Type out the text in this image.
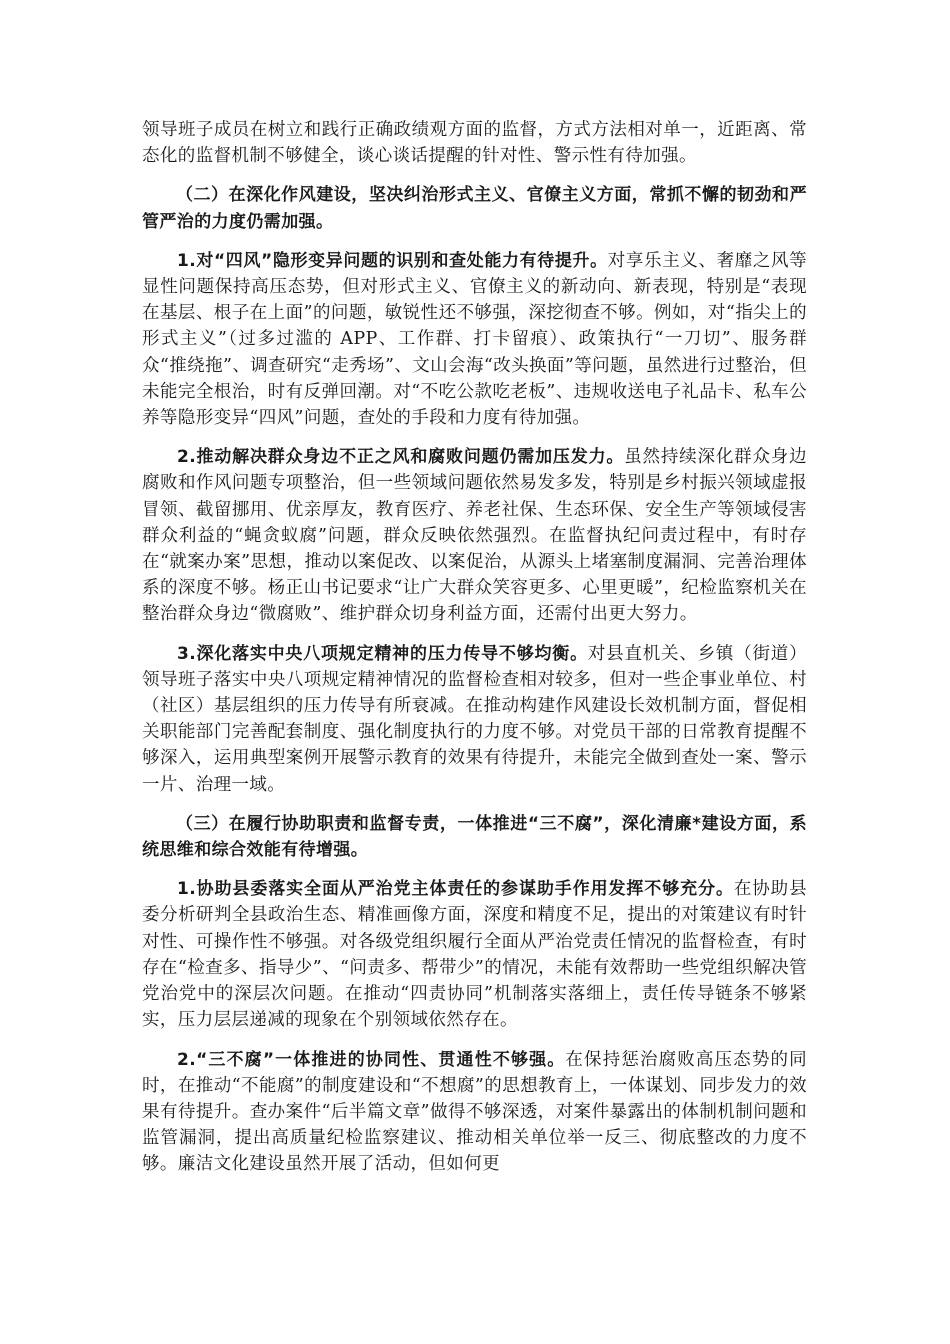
领导班子成员在树立和践行正确政绩观方面的监督，方式方法相对单一，近距离、常态化的监督机制不够健全，谈心谈话提醒的针对性、警示性有待加强。

（二）在深化作风建设，坚决纠治形式主义、官僚主义方面，常抓不懈的韧劲和严管严治的力度仍需加强。

1.对“四风”隐形变异问题的识别和查处能力有待提升。对享乐主义、奢靡之风等显性问题保持高压态势，但对形式主义、官僚主义的新动向、新表现，特别是“表现在基层、根子在上面”的问题，敏锐性还不够强，深挖彻查不够。例如，对“指尖上的形式主义”（过多过滥的 APP、工作群、打卡留痕）、政策执行“一刀切”、服务群众“推绕拖”、调查研究“走秀场”、文山会海“改头换面”等问题，虽然进行过整治，但未能完全根治，时有反弹回潮。对“不吃公款吃老板”、违规收送电子礼品卡、私车公养等隐形变异“四风”问题，查处的手段和力度有待加强。

2.推动解决群众身边不正之风和腐败问题仍需加压发力。虽然持续深化群众身边腐败和作风问题专项整治，但一些领域问题依然易发多发，特别是乡村振兴领域虚报冒领、截留挪用、优亲厚友，教育医疗、养老社保、生态环保、安全生产等领域侵害群众利益的“蝇贪蚁腐”问题，群众反映依然强烈。在监督执纪问责过程中，有时存在“就案办案”思想，推动以案促改、以案促治，从源头上堵塞制度漏洞、完善治理体系的深度不够。杨正山书记要求“让广大群众笑容更多、心里更暖”，纪检监察机关在整治群众身边“微腐败”、维护群众切身利益方面，还需付出更大努力。

3.深化落实中央八项规定精神的压力传导不够均衡。对县直机关、乡镇（街道）领导班子落实中央八项规定精神情况的监督检查相对较多，但对一些企事业单位、村（社区）基层组织的压力传导有所衰减。在推动构建作风建设长效机制方面，督促相关职能部门完善配套制度、强化制度执行的力度不够。对党员干部的日常教育提醒不够深入，运用典型案例开展警示教育的效果有待提升，未能完全做到查处一案、警示一片、治理一域。

（三）在履行协助职责和监督专责，一体推进“三不腐”，深化清廉*建设方面，系统思维和综合效能有待增强。

1.协助县委落实全面从严治党主体责任的参谋助手作用发挥不够充分。在协助县委分析研判全县政治生态、精准画像方面，深度和精度不足，提出的对策建议有时针对性、可操作性不够强。对各级党组织履行全面从严治党责任情况的监督检查，有时存在“检查多、指导少”、“问责多、帮带少”的情况，未能有效帮助一些党组织解决管党治党中的深层次问题。在推动“四责协同”机制落实落细上，责任传导链条不够紧实，压力层层递减的现象在个别领域依然存在。

2.“三不腐”一体推进的协同性、贯通性不够强。在保持惩治腐败高压态势的同时，在推动“不能腐”的制度建设和“不想腐”的思想教育上，一体谋划、同步发力的效果有待提升。查办案件“后半篇文章”做得不够深透，对案件暴露出的体制机制问题和监管漏洞，提出高质量纪检监察建议、推动相关单位举一反三、彻底整改的力度不够。廉洁文化建设虽然开展了活动，但如何更
